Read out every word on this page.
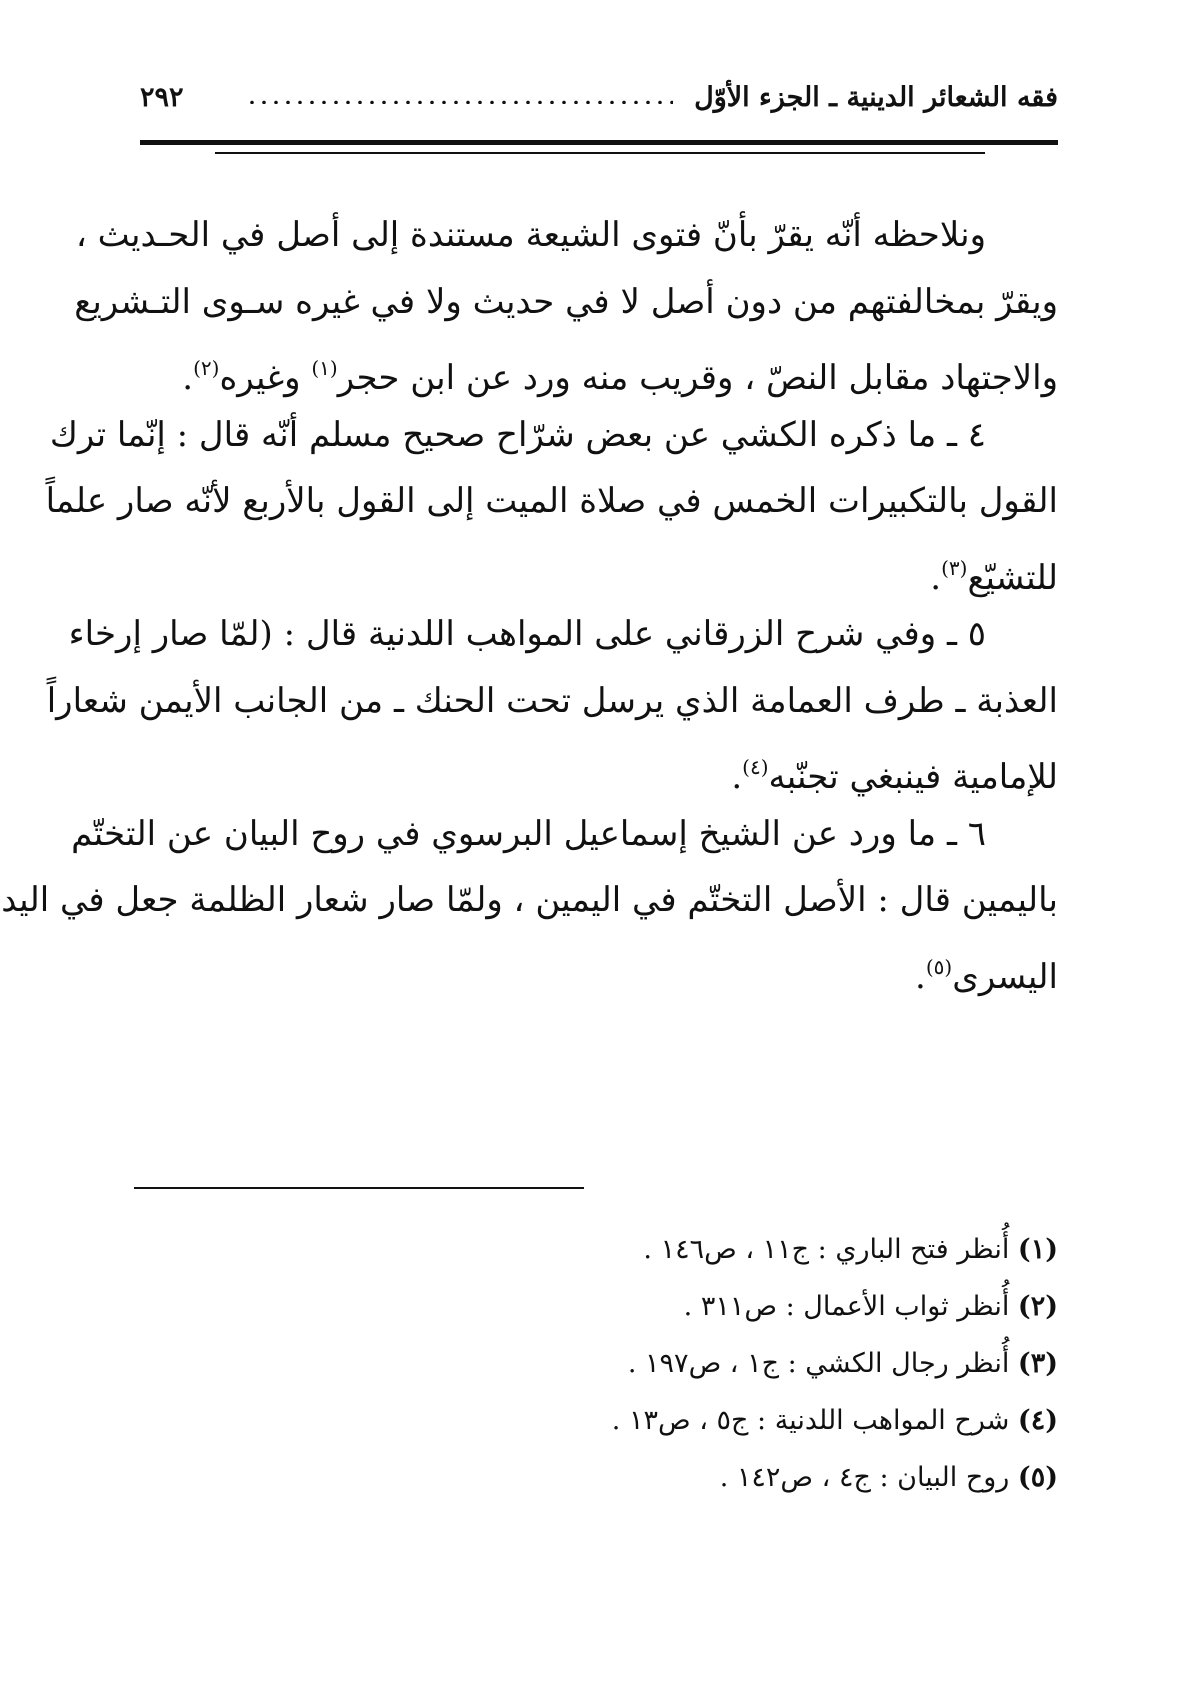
فقه الشعائر الدينية ـ الجزء الأوّل
٢٩٢
ونلاحظه أنّه يقرّ بأنّ فتوى الشيعة مستندة إلى أصل في الحـديث ،
ويقرّ بمخالفتهم من دون أصل لا في حديث ولا في غيره سـوى التـشريع
والاجتهاد مقابل النصّ ، وقريب منه ورد عن ابن حجر$^{(١)}$ وغيره$^{(٢)}$.
٤ ـ ما ذكره الكشي عن بعض شرّاح صحيح مسلم أنّه قال : إنّما ترك
القول بالتكبيرات الخمس في صلاة الميت إلى القول بالأربع لأنّه صار علماً
للتشيّع$^{(٣)}$.
٥ ـ وفي شرح الزرقاني على المواهب اللدنية قال : (لمّا صار إرخاء
العذبة ـ طرف العمامة الذي يرسل تحت الحنك ـ من الجانب الأيمن شعاراً
للإمامية فينبغي تجنّبه$^{(٤)}$.
٦ ـ ما ورد عن الشيخ إسماعيل البرسوي في روح البيان عن التختّم
باليمين قال : الأصل التختّم في اليمين ، ولمّا صار شعار الظلمة جعل في اليد
اليسرى$^{(٥)}$.
(١) أُنظر فتح الباري : ج١١ ، ص١٤٦ .
(٢) أُنظر ثواب الأعمال : ص٣١١ .
(٣) أُنظر رجال الكشي : ج١ ، ص١٩٧ .
(٤) شرح المواهب اللدنية : ج٥ ، ص١٣ .
(٥) روح البيان : ج٤ ، ص١٤٢ .
